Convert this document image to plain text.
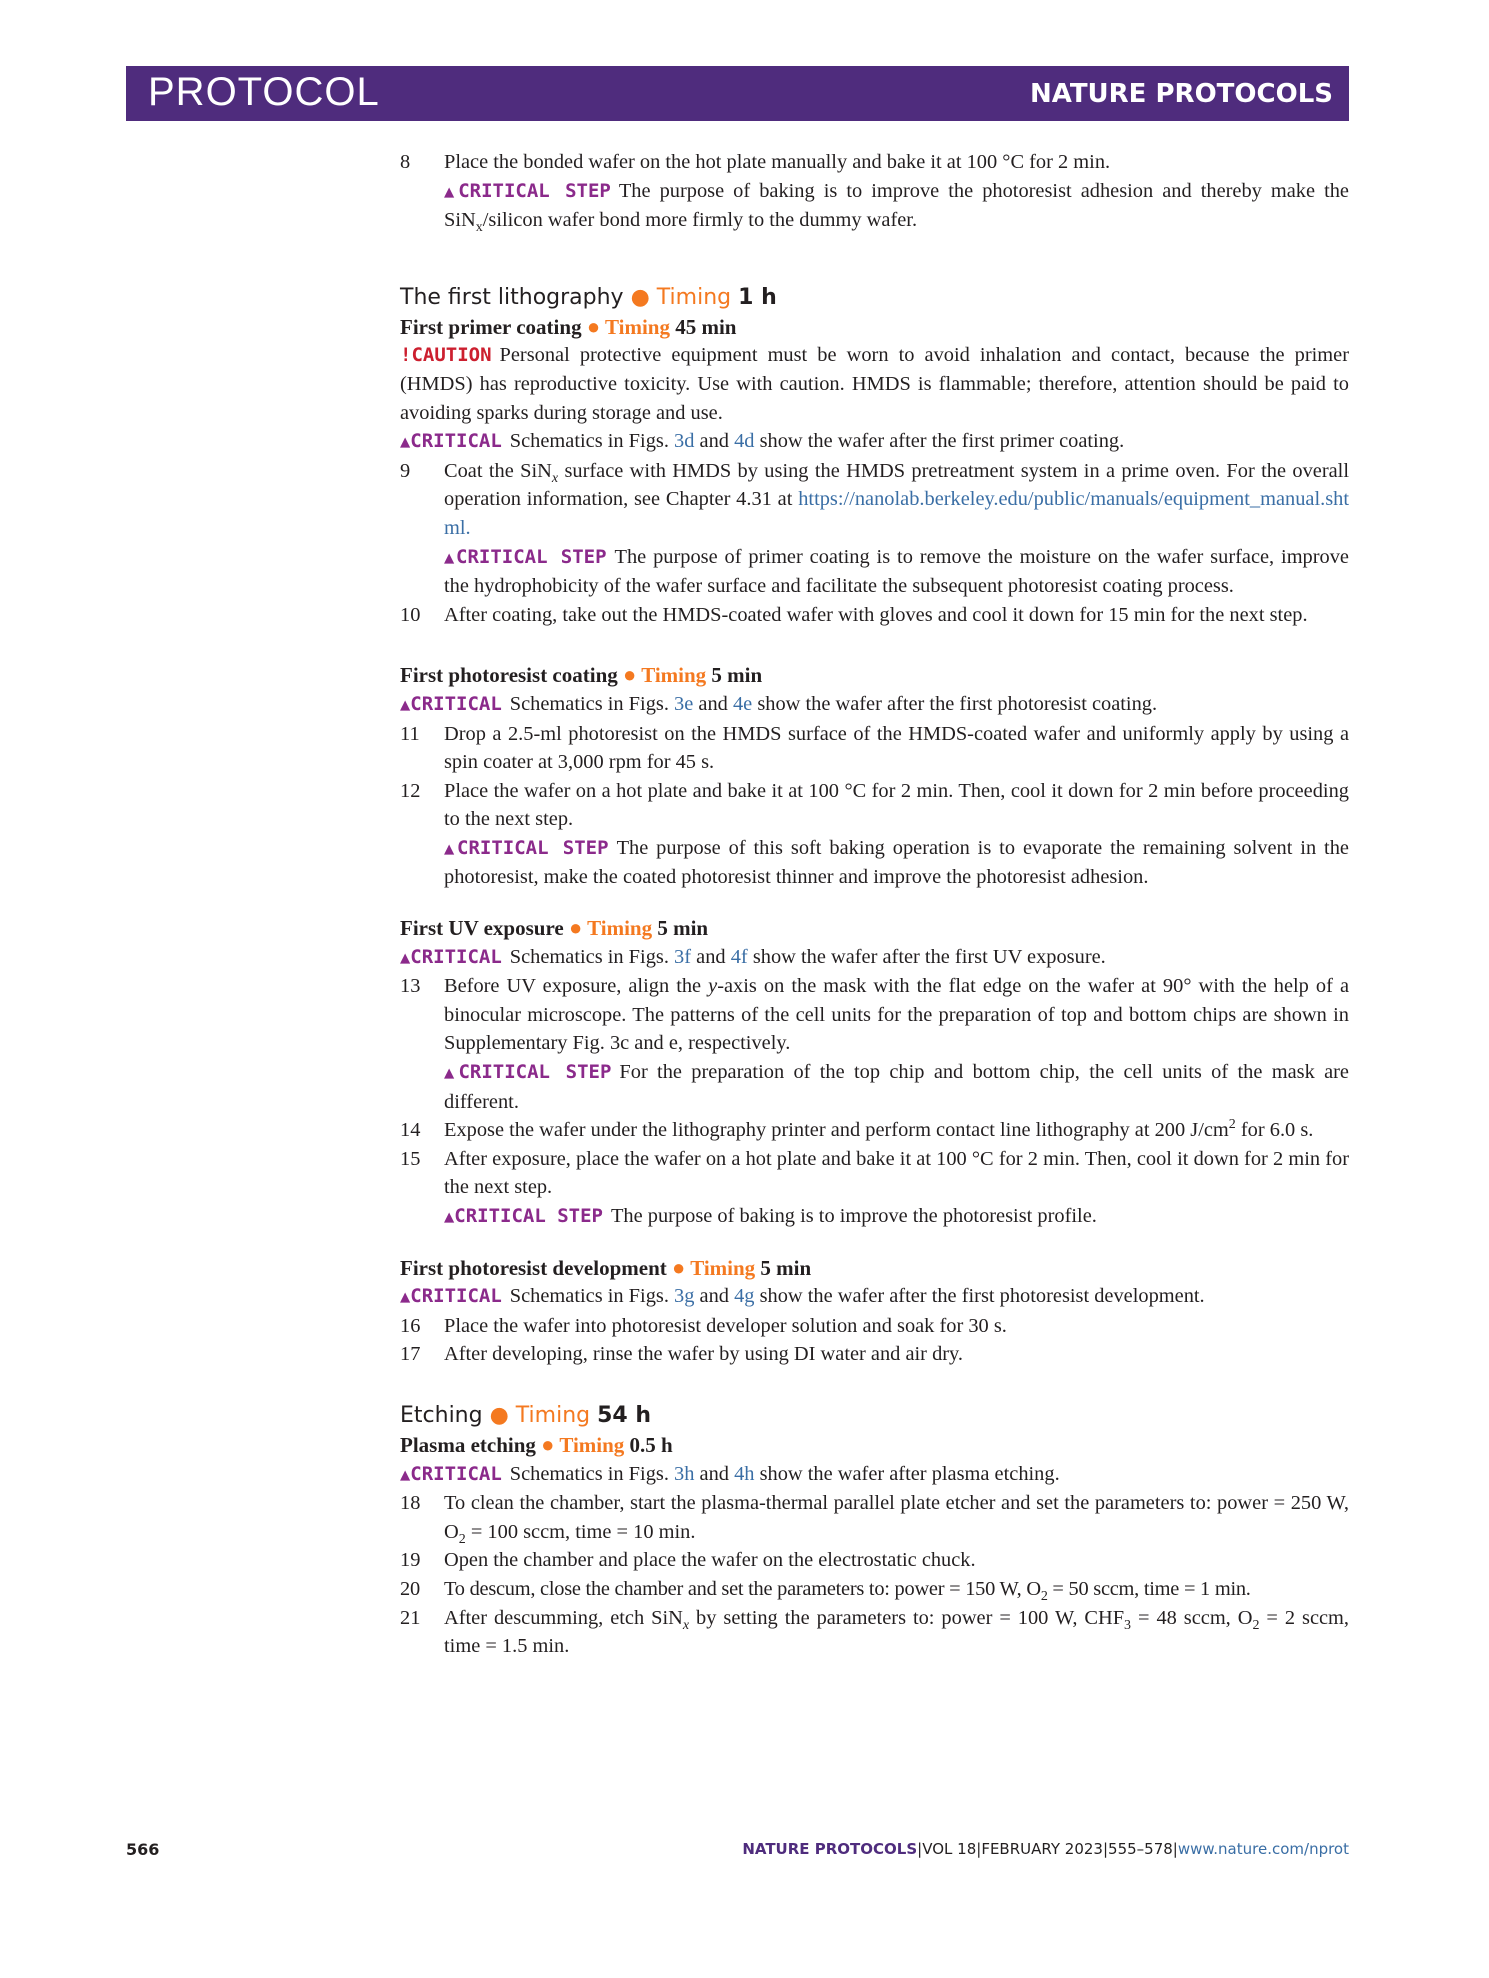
PROTOCOL	NATURE PROTOCOLS
8 Place the bonded wafer on the hot plate manually and bake it at 100 °C for 2 min.
▲CRITICAL STEP The purpose of baking is to improve the photoresist adhesion and thereby make the SiN$_x$/silicon wafer bond more firmly to the dummy wafer.
The first lithography ● Timing 1 h
First primer coating ● Timing 45 min

!CAUTION Personal protective equipment must be worn to avoid inhalation and contact, because the primer (HMDS) has reproductive toxicity. Use with caution. HMDS is flammable; therefore, attention should be paid to avoiding sparks during storage and use.

▲CRITICAL Schematics in Figs. 3d and 4d show the wafer after the first primer coating.

9 Coat the SiN$_x$ surface with HMDS by using the HMDS pretreatment system in a prime oven. For the overall operation information, see Chapter 4.31 at https://nanolab.berkeley.edu/public/manuals/equipment_manual.shtml.
▲CRITICAL STEP The purpose of primer coating is to remove the moisture on the wafer surface, improve the hydrophobicity of the wafer surface and facilitate the subsequent photoresist coating process.
10 After coating, take out the HMDS-coated wafer with gloves and cool it down for 15 min for the next step.
First photoresist coating ● Timing 5 min

▲CRITICAL Schematics in Figs. 3e and 4e show the wafer after the first photoresist coating.

11 Drop a 2.5-ml photoresist on the HMDS surface of the HMDS-coated wafer and uniformly apply by using a spin coater at 3,000 rpm for 45 s.
12 Place the wafer on a hot plate and bake it at 100 °C for 2 min. Then, cool it down for 2 min before proceeding to the next step.
▲CRITICAL STEP The purpose of this soft baking operation is to evaporate the remaining solvent in the photoresist, make the coated photoresist thinner and improve the photoresist adhesion.
First UV exposure ● Timing 5 min

▲CRITICAL Schematics in Figs. 3f and 4f show the wafer after the first UV exposure.

13 Before UV exposure, align the y-axis on the mask with the flat edge on the wafer at 90° with the help of a binocular microscope. The patterns of the cell units for the preparation of top and bottom chips are shown in Supplementary Fig. 3c and e, respectively.
▲CRITICAL STEP For the preparation of the top chip and bottom chip, the cell units of the mask are different.
14 Expose the wafer under the lithography printer and perform contact line lithography at 200 $J/cm^2$ for 6.0 s.
15 After exposure, place the wafer on a hot plate and bake it at 100 °C for 2 min. Then, cool it down for 2 min for the next step.
▲CRITICAL STEP The purpose of baking is to improve the photoresist profile.
First photoresist development ● Timing 5 min

▲CRITICAL Schematics in Figs. 3g and 4g show the wafer after the first photoresist development.

16 Place the wafer into photoresist developer solution and soak for 30 s.
17 After developing, rinse the wafer by using DI water and air dry.
Etching ● Timing 54 h
Plasma etching ● Timing 0.5 h

▲CRITICAL Schematics in Figs. 3h and 4h show the wafer after plasma etching.

18 To clean the chamber, start the plasma-thermal parallel plate etcher and set the parameters to: power = 250 W, $O_2 = 100$ sccm, time = 10 min.
19 Open the chamber and place the wafer on the electrostatic chuck.
20 To descum, close the chamber and set the parameters to: power = 150 W, $O_2 = 50$ sccm, time = 1 min.
21 After descumming, etch SiN$_x$ by setting the parameters to: power = 100 W, $CHF_3 = 48$ sccm, $O_2 = 2$ sccm, time = 1.5 min.
566	NATURE PROTOCOLS|VOL 18|FEBRUARY 2023|555–578|www.nature.com/nprot
